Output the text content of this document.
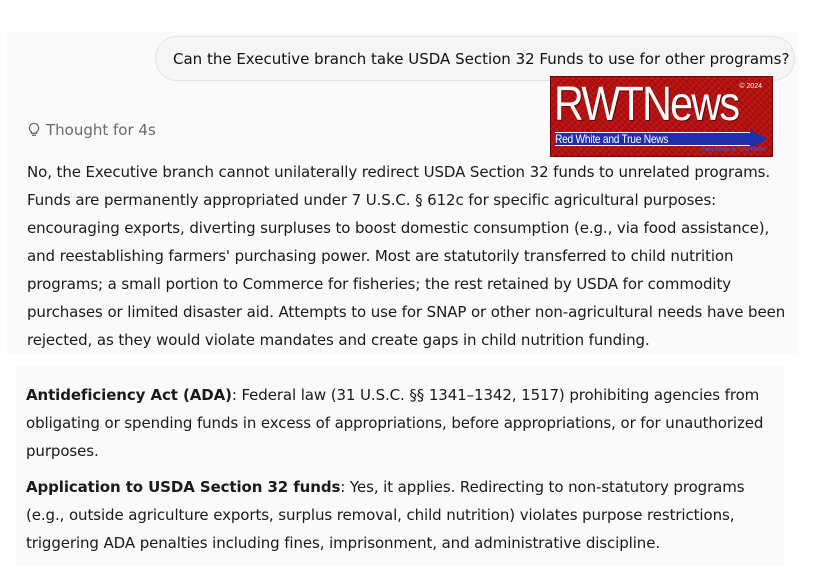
Can the Executive branch take USDA Section 32 Funds to use for other programs?
RWTNews © 2024
Red White and True News
Red White & True News
Thought for 4s
No, the Executive branch cannot unilaterally redirect USDA Section 32 funds to unrelated programs. Funds are permanently appropriated under 7 U.S.C. § 612c for specific agricultural purposes: encouraging exports, diverting surpluses to boost domestic consumption (e.g., via food assistance), and reestablishing farmers' purchasing power. Most are statutorily transferred to child nutrition programs; a small portion to Commerce for fisheries; the rest retained by USDA for commodity purchases or limited disaster aid. Attempts to use for SNAP or other non-agricultural needs have been rejected, as they would violate mandates and create gaps in child nutrition funding.
Antideficiency Act (ADA): Federal law (31 U.S.C. §§ 1341–1342, 1517) prohibiting agencies from obligating or spending funds in excess of appropriations, before appropriations, or for unauthorized purposes.
Application to USDA Section 32 funds: Yes, it applies. Redirecting to non-statutory programs (e.g., outside agriculture exports, surplus removal, child nutrition) violates purpose restrictions, triggering ADA penalties including fines, imprisonment, and administrative discipline.
